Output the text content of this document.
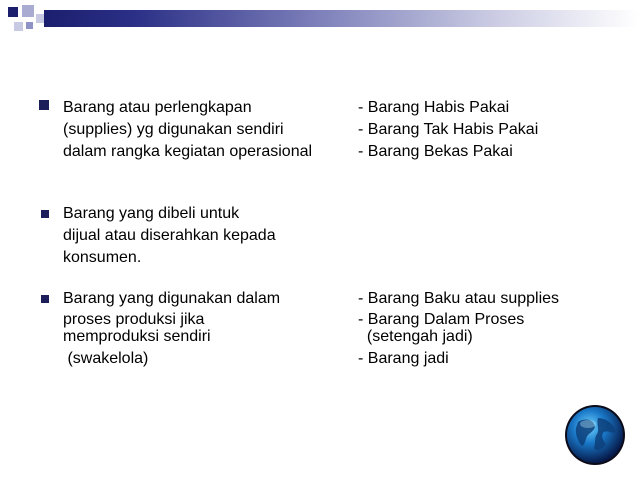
Barang atau perlengkapan
(supplies) yg digunakan sendiri
dalam rangka kegiatan operasional
- Barang Habis Pakai
- Barang Tak Habis Pakai
- Barang Bekas Pakai
Barang yang dibeli untuk
dijual atau diserahkan kepada
konsumen.
Barang yang digunakan dalam
proses produksi jika
memproduksi sendiri
(swakelola)
- Barang Baku atau supplies
- Barang Dalam Proses
(setengah jadi)
- Barang jadi
